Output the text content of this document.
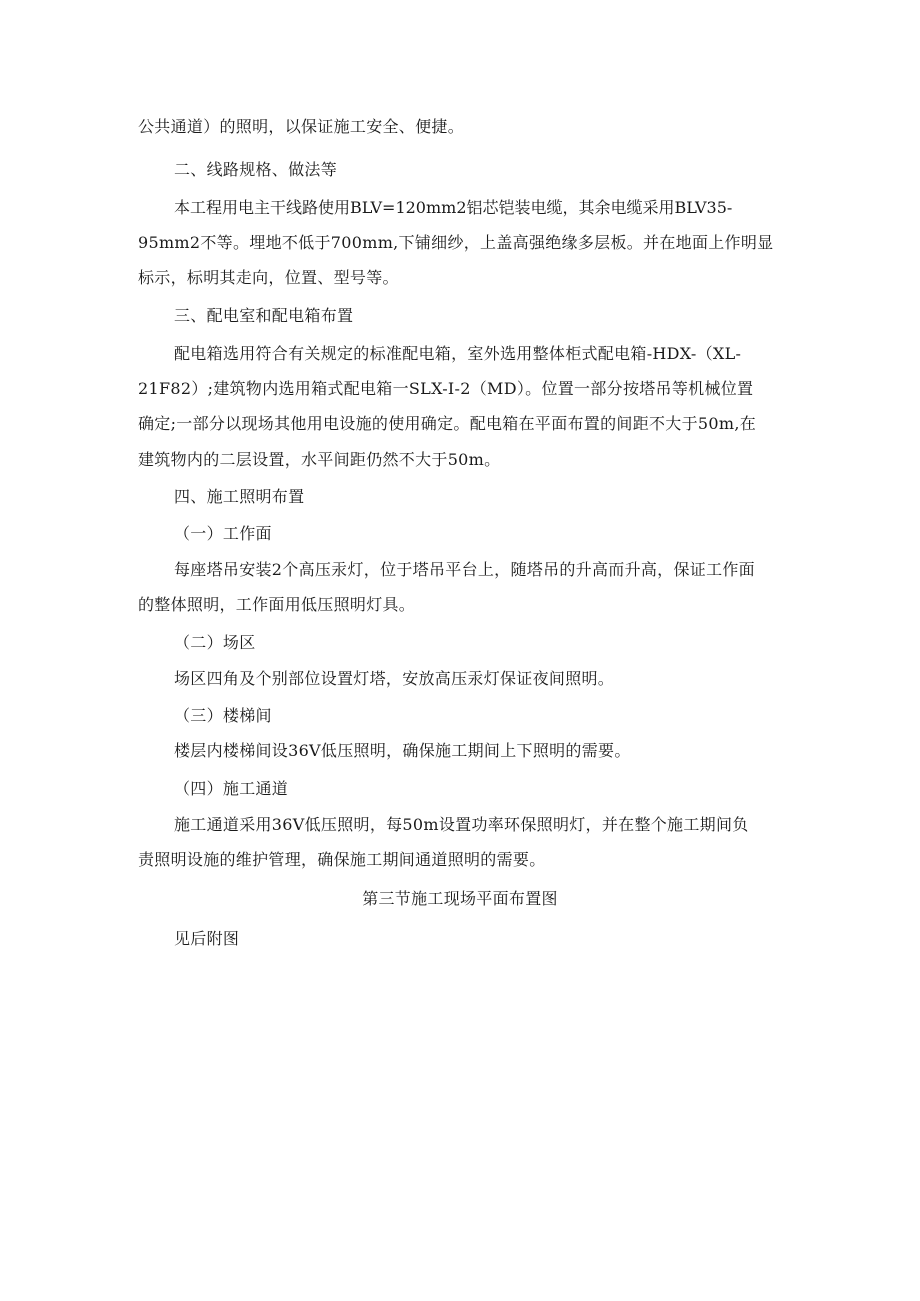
公共通道）的照明，以保证施工安全、便捷。
二、线路规格、做法等
本工程用电主干线路使用BLV=120mm2铝芯铠装电缆，其余电缆采用BLV35-
95mm2不等。埋地不低于700mm,下铺细纱，上盖高强绝缘多层板。并在地面上作明显
标示，标明其走向，位置、型号等。
三、配电室和配电箱布置
配电箱选用符合有关规定的标准配电箱，室外选用整体柜式配电箱-HDX-（XL-
21F82）;建筑物内选用箱式配电箱一SLX-I-2（MD）。位置一部分按塔吊等机械位置
确定;一部分以现场其他用电设施的使用确定。配电箱在平面布置的间距不大于50m,在
建筑物内的二层设置，水平间距仍然不大于50m。
四、施工照明布置
（一）工作面
每座塔吊安装2个高压汞灯，位于塔吊平台上，随塔吊的升高而升高，保证工作面
的整体照明，工作面用低压照明灯具。
（二）场区
场区四角及个别部位设置灯塔，安放高压汞灯保证夜间照明。
（三）楼梯间
楼层内楼梯间设36V低压照明，确保施工期间上下照明的需要。
（四）施工通道
施工通道采用36V低压照明，每50m设置功率环保照明灯，并在整个施工期间负
责照明设施的维护管理，确保施工期间通道照明的需要。
第三节施工现场平面布置图
见后附图
